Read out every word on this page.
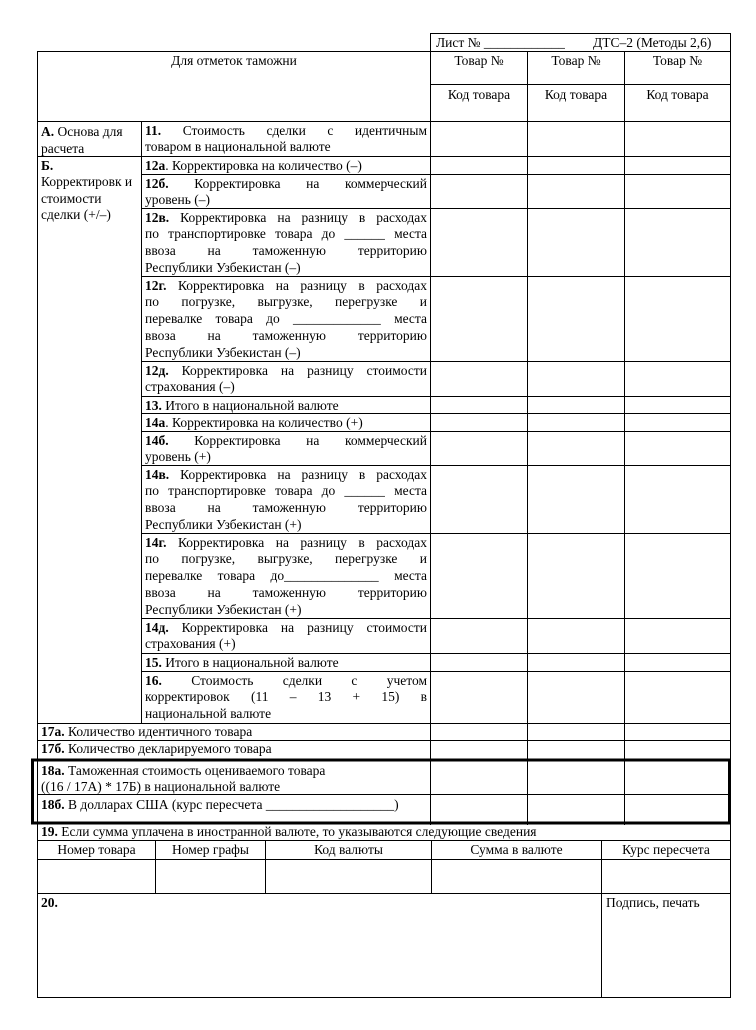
Лист № ____________ ДТС–2 (Методы 2,6)
Для отметок таможни	Товар №	Товар №	Товар №
Код товара	Код товара	Код товара
А. Основа для расчета
Б.
Корректировк и стоимости сделки (+/–)
11. Стоимость сделки с идентичным
товаром в национальной валюте
12а. Корректировка на количество (–)
12б. Корректировка на коммерческий
уровень (–)
12в. Корректировка на разницу в расходах
по транспортировке товара до ______ места
ввоза на таможенную территорию
Республики Узбекистан (–)
12г. Корректировка на разницу в расходах
по погрузке, выгрузке, перегрузке и
перевалке товара до _____________ места
ввоза на таможенную территорию
Республики Узбекистан (–)
12д. Корректировка на разницу стоимости
страхования (–)
13. Итого в национальной валюте
14а. Корректировка на количество (+)
14б. Корректировка на коммерческий
уровень (+)
14в. Корректировка на разницу в расходах
по транспортировке товара до ______ места
ввоза на таможенную территорию
Республики Узбекистан (+)
14г. Корректировка на разницу в расходах
по погрузке, выгрузке, перегрузке и
перевалке товара до______________ места
ввоза на таможенную территорию
Республики Узбекистан (+)
14д. Корректировка на разницу стоимости
страхования (+)
15. Итого в национальной валюте
16. Стоимость сделки с учетом
корректировок (11 – 13 + 15) в
национальной валюте
17а. Количество идентичного товара
17б. Количество декларируемого товара
18а. Таможенная стоимость оцениваемого товара
((16 / 17А) * 17Б) в национальной валюте
18б. В долларах США (курс пересчета ___________________)
19. Если сумма уплачена в иностранной валюте, то указываются следующие сведения
Номер товара	Номер графы	Код валюты	Сумма в валюте	Курс пересчета
20.	Подпись, печать
